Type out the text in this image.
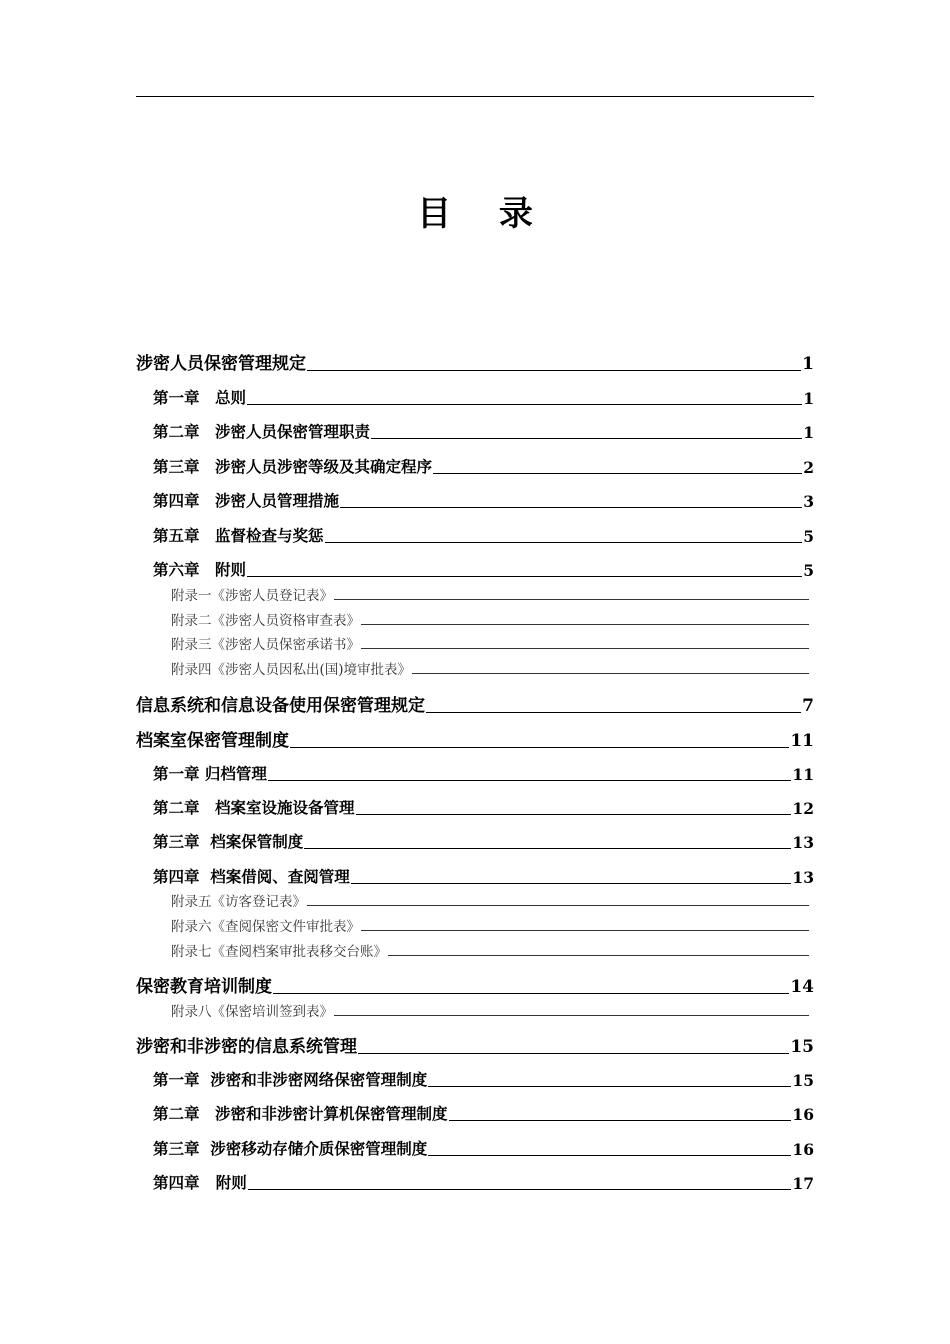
目 录
涉密人员保密管理规定	1
第一章　总则	1
第二章　涉密人员保密管理职责	1
第三章　涉密人员涉密等级及其确定程序	2
第四章　涉密人员管理措施	3
第五章　监督检查与奖惩	5
第六章　附则	5
附录一《涉密人员登记表》
附录二《涉密人员资格审查表》
附录三《涉密人员保密承诺书》
附录四《涉密人员因私出(国)境审批表》
信息系统和信息设备使用保密管理规定	7
档案室保密管理制度	11
第一章 归档管理	11
第二章　档案室设施设备管理	12
第三章  档案保管制度	13
第四章  档案借阅、查阅管理	13
附录五《访客登记表》
附录六《查阅保密文件审批表》
附录七《查阅档案审批表移交台账》
保密教育培训制度	14
附录八《保密培训签到表》
涉密和非涉密的信息系统管理	15
第一章  涉密和非涉密网络保密管理制度	15
第二章　涉密和非涉密计算机保密管理制度	16
第三章  涉密移动存储介质保密管理制度	16
第四章   附则	17
